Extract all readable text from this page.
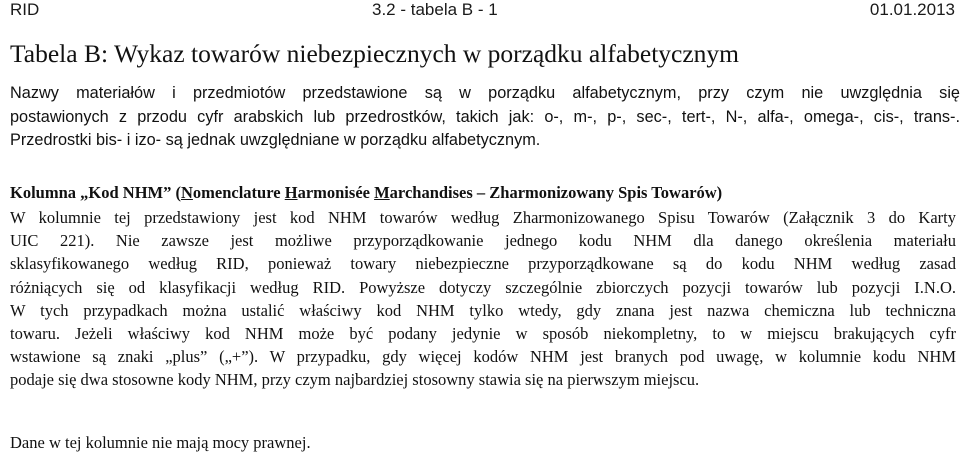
RID	3.2 - tabela B - 1	01.01.2013
Tabela B: Wykaz towarów niebezpiecznych w porządku alfabetycznym

Nazwy materiałów i przedmiotów przedstawione są w porządku alfabetycznym, przy czym nie uwzględnia się
postawionych z przodu cyfr arabskich lub przedrostków, takich jak: o-, m-, p-, sec-, tert-, N-, alfa-, omega-, cis-, trans-.
Przedrostki bis- i izo- są jednak uwzględniane w porządku alfabetycznym.

Kolumna „Kod NHM” (Nomenclature Harmonisée Marchandises – Zharmonizowany Spis Towarów)

W kolumnie tej przedstawiony jest kod NHM towarów według Zharmonizowanego Spisu Towarów (Załącznik 3 do Karty
UIC 221). Nie zawsze jest możliwe przyporządkowanie jednego kodu NHM dla danego określenia materiału
sklasyfikowanego według RID, ponieważ towary niebezpieczne przyporządkowane są do kodu NHM według zasad
różniących się od klasyfikacji według RID. Powyższe dotyczy szczególnie zbiorczych pozycji towarów lub pozycji I.N.O.
W tych przypadkach można ustalić właściwy kod NHM tylko wtedy, gdy znana jest nazwa chemiczna lub techniczna
towaru. Jeżeli właściwy kod NHM może być podany jedynie w sposób niekompletny, to w miejscu brakujących cyfr
wstawione są znaki „plus” („+”). W przypadku, gdy więcej kodów NHM jest branych pod uwagę, w kolumnie kodu NHM
podaje się dwa stosowne kody NHM, przy czym najbardziej stosowny stawia się na pierwszym miejscu.

Dane w tej kolumnie nie mają mocy prawnej.
